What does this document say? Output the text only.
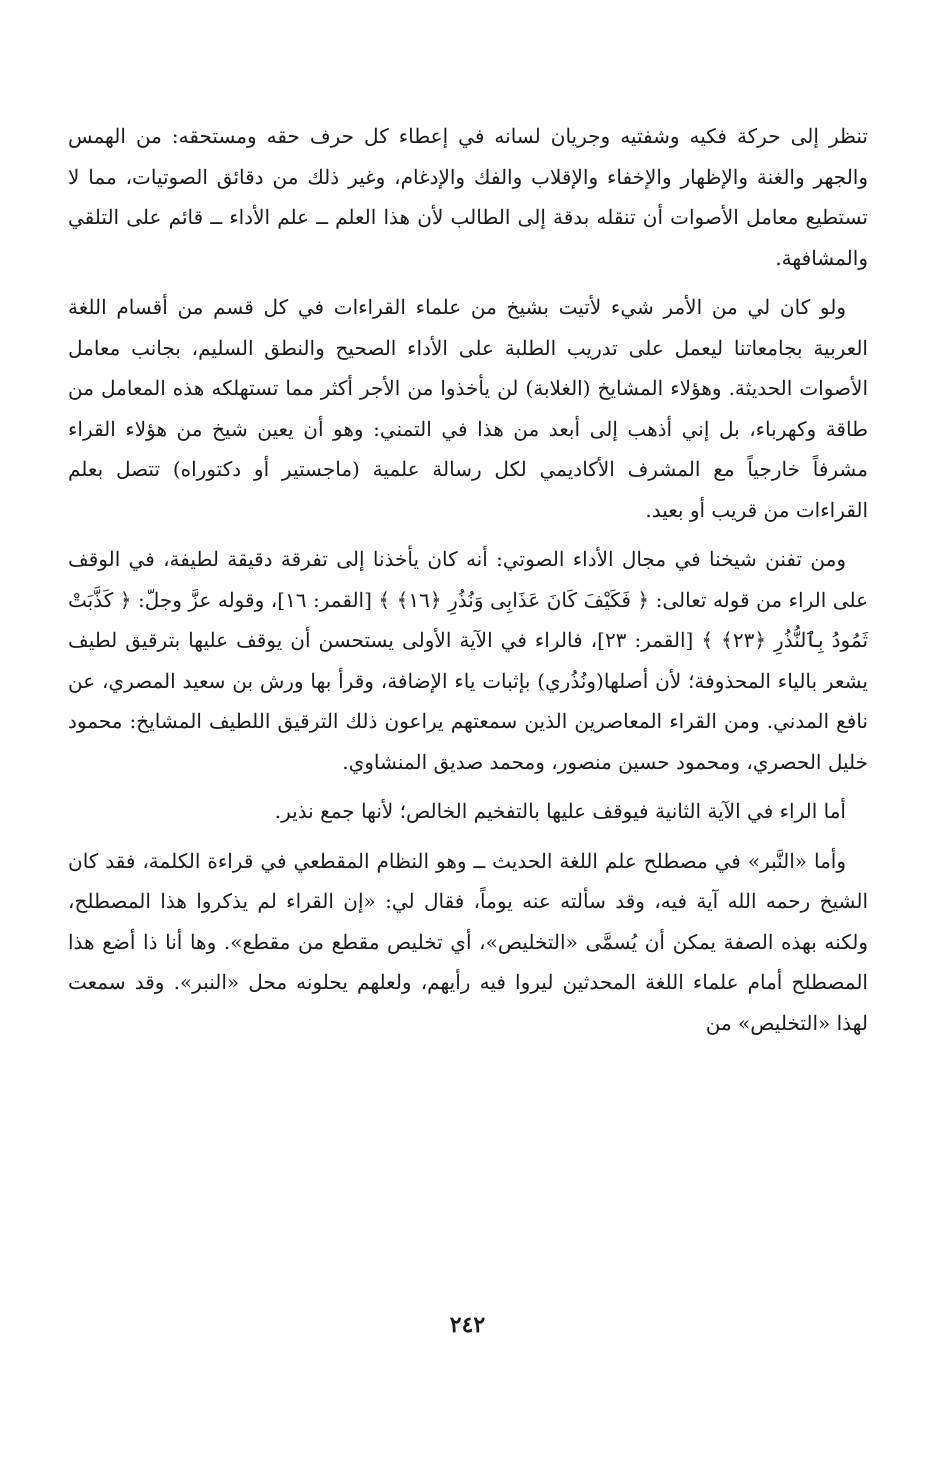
تنظر إلى حركة فكيه وشفتيه وجريان لسانه في إعطاء كل حرف حقه ومستحقه: من الهمس والجهر والغنة والإظهار والإخفاء والإقلاب والفك والإدغام، وغير ذلك من دقائق الصوتيات، مما لا تستطيع معامل الأصوات أن تنقله بدقة إلى الطالب لأن هذا العلم ــ علم الأداء ــ قائم على التلقي والمشافهة.

ولو كان لي من الأمر شيء لأتيت بشيخ من علماء القراءات في كل قسم من أقسام اللغة العربية بجامعاتنا ليعمل على تدريب الطلبة على الأداء الصحيح والنطق السليم، بجانب معامل الأصوات الحديثة. وهؤلاء المشايخ (الغلابة) لن يأخذوا من الأجر أكثر مما تستهلكه هذه المعامل من طاقة وكهرباء، بل إني أذهب إلى أبعد من هذا في التمني: وهو أن يعين شيخ من هؤلاء القراء مشرفاً خارجياً مع المشرف الأكاديمي لكل رسالة علمية (ماجستير أو دكتوراه) تتصل بعلم القراءات من قريب أو بعيد.

ومن تفنن شيخنا في مجال الأداء الصوتي: أنه كان يأخذنا إلى تفرقة دقيقة لطيفة، في الوقف على الراء من قوله تعالى: ﴿ فَكَيْفَ كَانَ عَذَابِى وَنُذُرِ ﴿١٦﴾ ﴾ [القمر: ١٦]، وقوله عزَّ وجلّ: ﴿ كَذَّبَتْ ثَمُودُ بِٱلنُّذُرِ ﴿٢٣﴾ ﴾ [القمر: ٢٣]، فالراء في الآية الأولى يستحسن أن يوقف عليها بترقيق لطيف يشعر بالياء المحذوفة؛ لأن أصلها(ونُذُري) بإثبات ياء الإضافة، وقرأ بها ورش بن سعيد المصري، عن نافع المدني. ومن القراء المعاصرين الذين سمعتهم يراعون ذلك الترقيق اللطيف المشايخ: محمود خليل الحصري، ومحمود حسين منصور، ومحمد صديق المنشاوي.

أما الراء في الآية الثانية فيوقف عليها بالتفخيم الخالص؛ لأنها جمع نذير.

وأما «النَّبر» في مصطلح علم اللغة الحديث ــ وهو النظام المقطعي في قراءة الكلمة، فقد كان الشيخ رحمه الله آية فيه، وقد سألته عنه يوماً، فقال لي: «إن القراء لم يذكروا هذا المصطلح، ولكنه بهذه الصفة يمكن أن يُسمَّى «التخليص»، أي تخليص مقطع من مقطع». وها أنا ذا أضع هذا المصطلح أمام علماء اللغة المحدثين ليروا فيه رأيهم، ولعلهم يحلونه محل «النبر». وقد سمعت لهذا «التخليص» من

٢٤٢
